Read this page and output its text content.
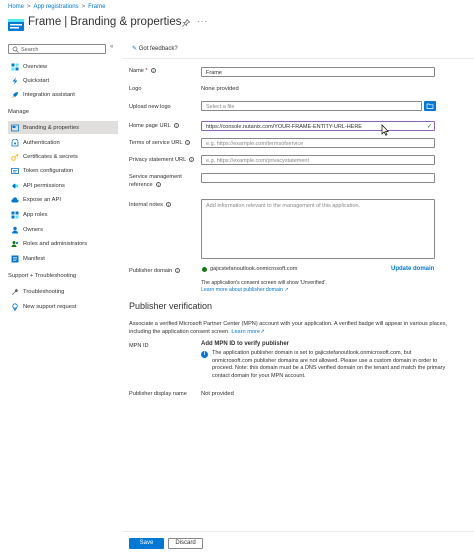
Home > App registrations > Frame
Frame | Branding & properties ···
Search	«
Overview
Quickstart
Integration assistant
Manage
Branding & properties
Authentication
Certificates & secrets
Token configuration
API permissions
Expose an API
App roles
Owners
Roles and administrators
Manifest
Support + Troubleshooting
Troubleshooting
New support request
✎ Got feedback?
Name * i	Frame
Logo	None provided
Upload new logo	Select a file
Home page URL i	https://console.nutanix.com/YOUR-FRAME-ENTITY-URL-HERE	✓
Terms of service URL i	e.g. https://example.com/termsofservice
Privacy statement URL i	e.g. https://example.com/privacystatement
Service management
reference i
Internal notes i	Add information relevant to the management of this application.
Publisher domain i	gajicstefanoutlook.onmicrosoft.com	Update domain
The application's consent screen will show 'Unverified'.
Learn more about publisher domain ↗
Publisher verification
Associate a verified Microsoft Partner Center (MPN) account with your application. A verified badge will appear in various places, including the application consent screen. Learn more↗
MPN ID	Add MPN ID to verify publisher
i	The application publisher domain is set to gajicstefanoutlook.onmicrosoft.com, but onmicrosoft.com publisher domains are not allowed. Please use a custom domain in order to proceed. Note: this domain must be a DNS verified domain on the tenant and match the primary contact domain for your MPN account.
Publisher display name Not provided
Save	Discard
